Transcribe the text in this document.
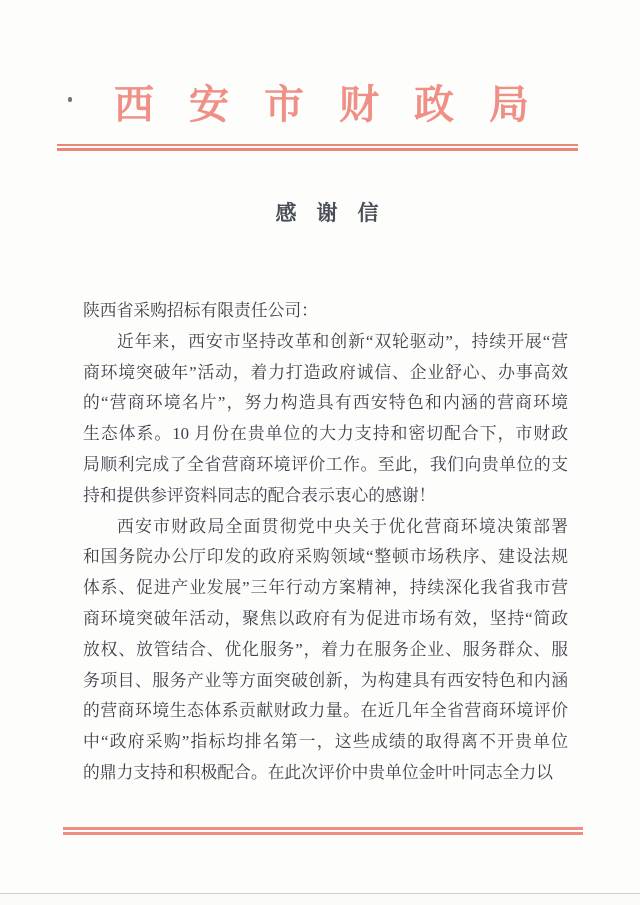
西安市财政局
感谢信
陕西省采购招标有限责任公司：
近年来，西安市坚持改革和创新“双轮驱动”，持续开展“营
商环境突破年”活动，着力打造政府诚信、企业舒心、办事高效
的“营商环境名片”，努力构造具有西安特色和内涵的营商环境
生态体系。10 月份在贵单位的大力支持和密切配合下，市财政
局顺利完成了全省营商环境评价工作。至此，我们向贵单位的支
持和提供参评资料同志的配合表示衷心的感谢！
西安市财政局全面贯彻党中央关于优化营商环境决策部署
和国务院办公厅印发的政府采购领域“整顿市场秩序、建设法规
体系、促进产业发展”三年行动方案精神，持续深化我省我市营
商环境突破年活动，聚焦以政府有为促进市场有效，坚持“简政
放权、放管结合、优化服务”，着力在服务企业、服务群众、服
务项目、服务产业等方面突破创新，为构建具有西安特色和内涵
的营商环境生态体系贡献财政力量。在近几年全省营商环境评价
中“政府采购”指标均排名第一，这些成绩的取得离不开贵单位
的鼎力支持和积极配合。在此次评价中贵单位金叶叶同志全力以
